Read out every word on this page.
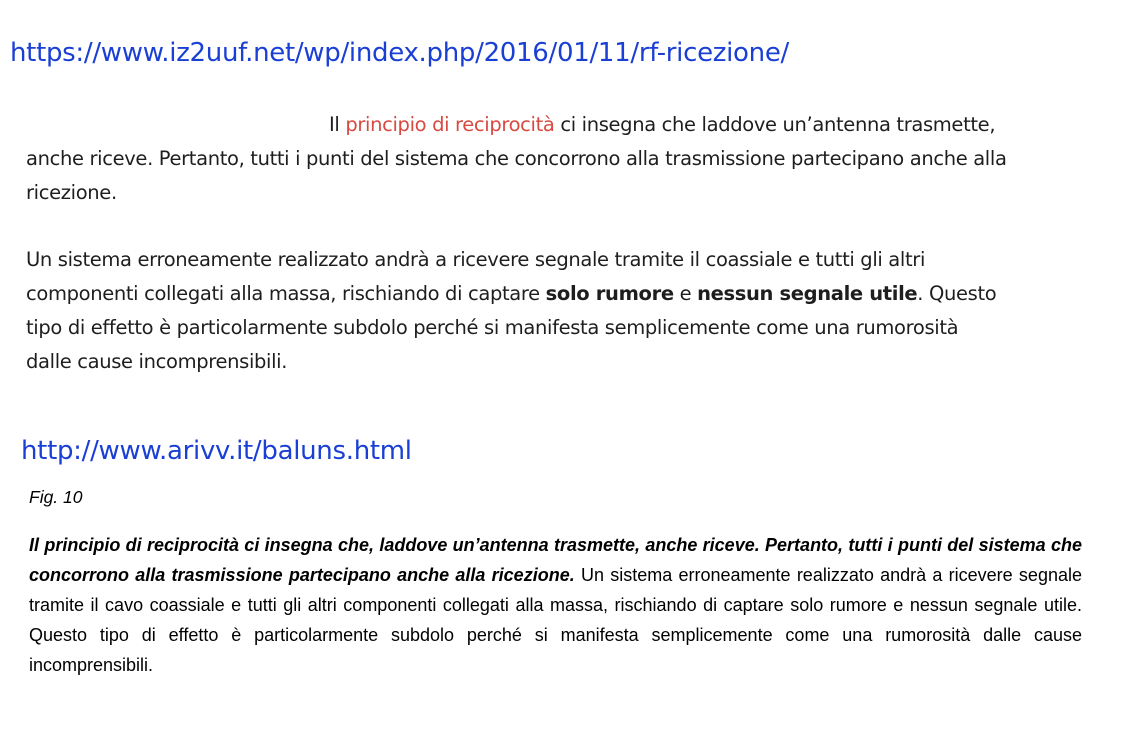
https://www.iz2uuf.net/wp/index.php/2016/01/11/rf-ricezione/

Il principio di reciprocità ci insegna che laddove un’antenna trasmette,
anche riceve. Pertanto, tutti i punti del sistema che concorrono alla trasmissione partecipano anche alla
ricezione.

Un sistema erroneamente realizzato andrà a ricevere segnale tramite il coassiale e tutti gli altri
componenti collegati alla massa, rischiando di captare solo rumore e nessun segnale utile. Questo
tipo di effetto è particolarmente subdolo perché si manifesta semplicemente come una rumorosità
dalle cause incomprensibili.

http://www.arivv.it/baluns.html
Fig. 10
Il principio di reciprocità ci insegna che, laddove un’antenna trasmette, anche riceve. Pertanto, tutti i punti del sistema che concorrono alla trasmissione partecipano anche alla ricezione. Un sistema erroneamente realizzato andrà a ricevere segnale tramite il cavo coassiale e tutti gli altri componenti collegati alla massa, rischiando di captare solo rumore e nessun segnale utile. Questo tipo di effetto è particolarmente subdolo perché si manifesta semplicemente come una rumorosità dalle cause incomprensibili.
